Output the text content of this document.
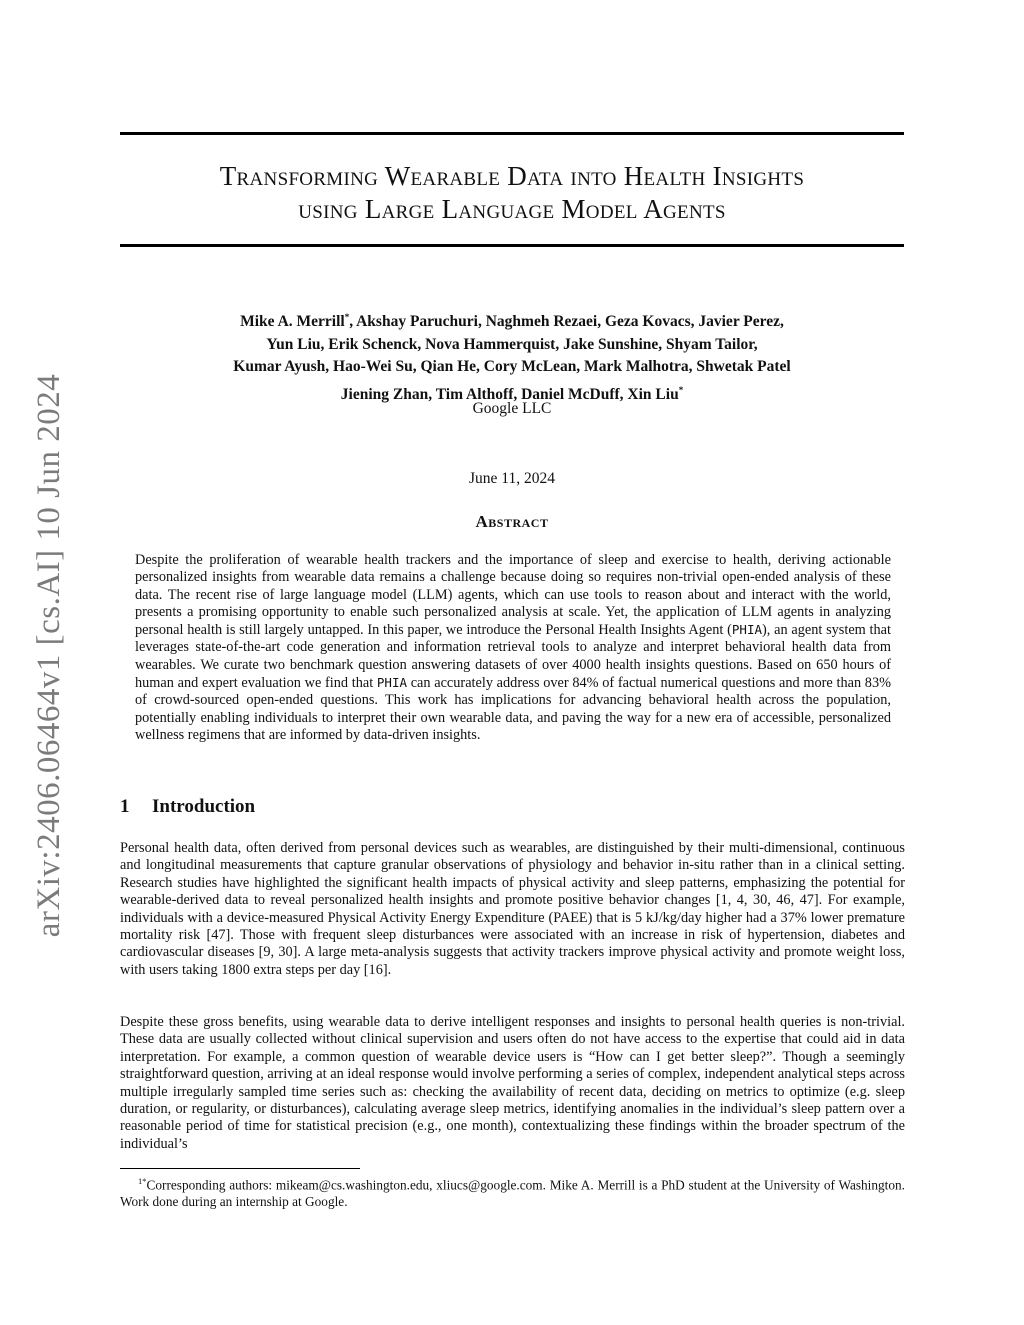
arXiv:2406.06464v1 [cs.AI] 10 Jun 2024
Transforming Wearable Data into Health Insights
using Large Language Model Agents
Mike A. Merrill*, Akshay Paruchuri, Naghmeh Rezaei, Geza Kovacs, Javier Perez,
Yun Liu, Erik Schenck, Nova Hammerquist, Jake Sunshine, Shyam Tailor,
Kumar Ayush, Hao-Wei Su, Qian He, Cory McLean, Mark Malhotra, Shwetak Patel
Jiening Zhan, Tim Althoff, Daniel McDuff, Xin Liu*
Google LLC
June 11, 2024
Abstract

Despite the proliferation of wearable health trackers and the importance of sleep and exercise to health, deriving actionable personalized insights from wearable data remains a challenge because doing so requires non-trivial open-ended analysis of these data. The recent rise of large language model (LLM) agents, which can use tools to reason about and interact with the world, presents a promising opportunity to enable such personalized analysis at scale. Yet, the application of LLM agents in analyzing personal health is still largely untapped. In this paper, we introduce the Personal Health Insights Agent (PHIA), an agent system that leverages state-of-the-art code generation and information retrieval tools to analyze and interpret behavioral health data from wearables. We curate two benchmark question answering datasets of over 4000 health insights questions. Based on 650 hours of human and expert evaluation we find that PHIA can accurately address over 84% of factual numerical questions and more than 83% of crowd-sourced open-ended questions. This work has implications for advancing behavioral health across the population, potentially enabling individuals to interpret their own wearable data, and paving the way for a new era of accessible, personalized wellness regimens that are informed by data-driven insights.

1 Introduction

Personal health data, often derived from personal devices such as wearables, are distinguished by their multi-dimensional, continuous and longitudinal measurements that capture granular observations of physiology and behavior in-situ rather than in a clinical setting. Research studies have highlighted the significant health impacts of physical activity and sleep patterns, emphasizing the potential for wearable-derived data to reveal personalized health insights and promote positive behavior changes [1, 4, 30, 46, 47]. For example, individuals with a device-measured Physical Activity Energy Expenditure (PAEE) that is 5 kJ/kg/day higher had a 37% lower premature mortality risk [47]. Those with frequent sleep disturbances were associated with an increase in risk of hypertension, diabetes and cardiovascular diseases [9, 30]. A large meta-analysis suggests that activity trackers improve physical activity and promote weight loss, with users taking 1800 extra steps per day [16].

Despite these gross benefits, using wearable data to derive intelligent responses and insights to personal health queries is non-trivial. These data are usually collected without clinical supervision and users often do not have access to the expertise that could aid in data interpretation. For example, a common question of wearable device users is “How can I get better sleep?”. Though a seemingly straightforward question, arriving at an ideal response would involve performing a series of complex, independent analytical steps across multiple irregularly sampled time series such as: checking the availability of recent data, deciding on metrics to optimize (e.g. sleep duration, or regularity, or disturbances), calculating average sleep metrics, identifying anomalies in the individual’s sleep pattern over a reasonable period of time for statistical precision (e.g., one month), contextualizing these findings within the broader spectrum of the individual’s

$^{1*}$Corresponding authors: mikeam@cs.washington.edu, xliucs@google.com. Mike A. Merrill is a PhD student at the University of Washington. Work done during an internship at Google.
